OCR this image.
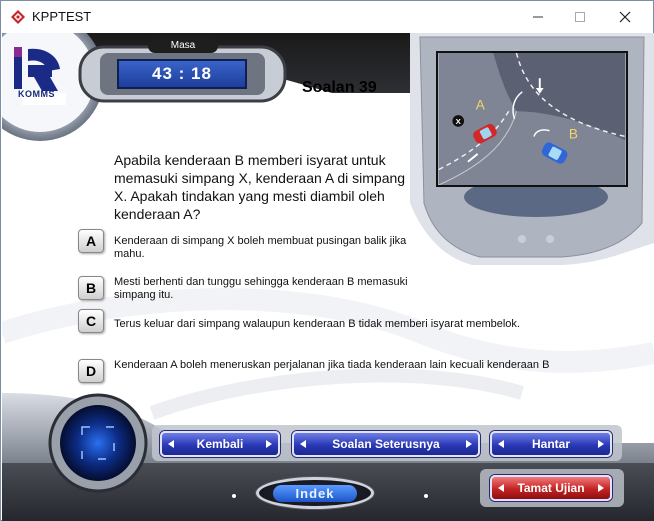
KPPTEST
KOMMS
Masa
43 : 18
Soalan 39
X
A
B
Apabila kenderaan B memberi isyarat untuk memasuki simpang X, kenderaan A di simpang X. Apakah tindakan yang mesti diambil oleh kenderaan A?
A	Kenderaan di simpang X boleh membuat pusingan balik jika mahu.
B	Mesti berhenti dan tunggu sehingga kenderaan B memasuki simpang itu.
C	Terus keluar dari simpang walaupun kenderaan B tidak memberi isyarat membelok.
D	Kenderaan A boleh meneruskan perjalanan jika tiada kenderaan lain kecuali kenderaan B
Kembali	Soalan Seterusnya	Hantar
Tamat Ujian
Indek
